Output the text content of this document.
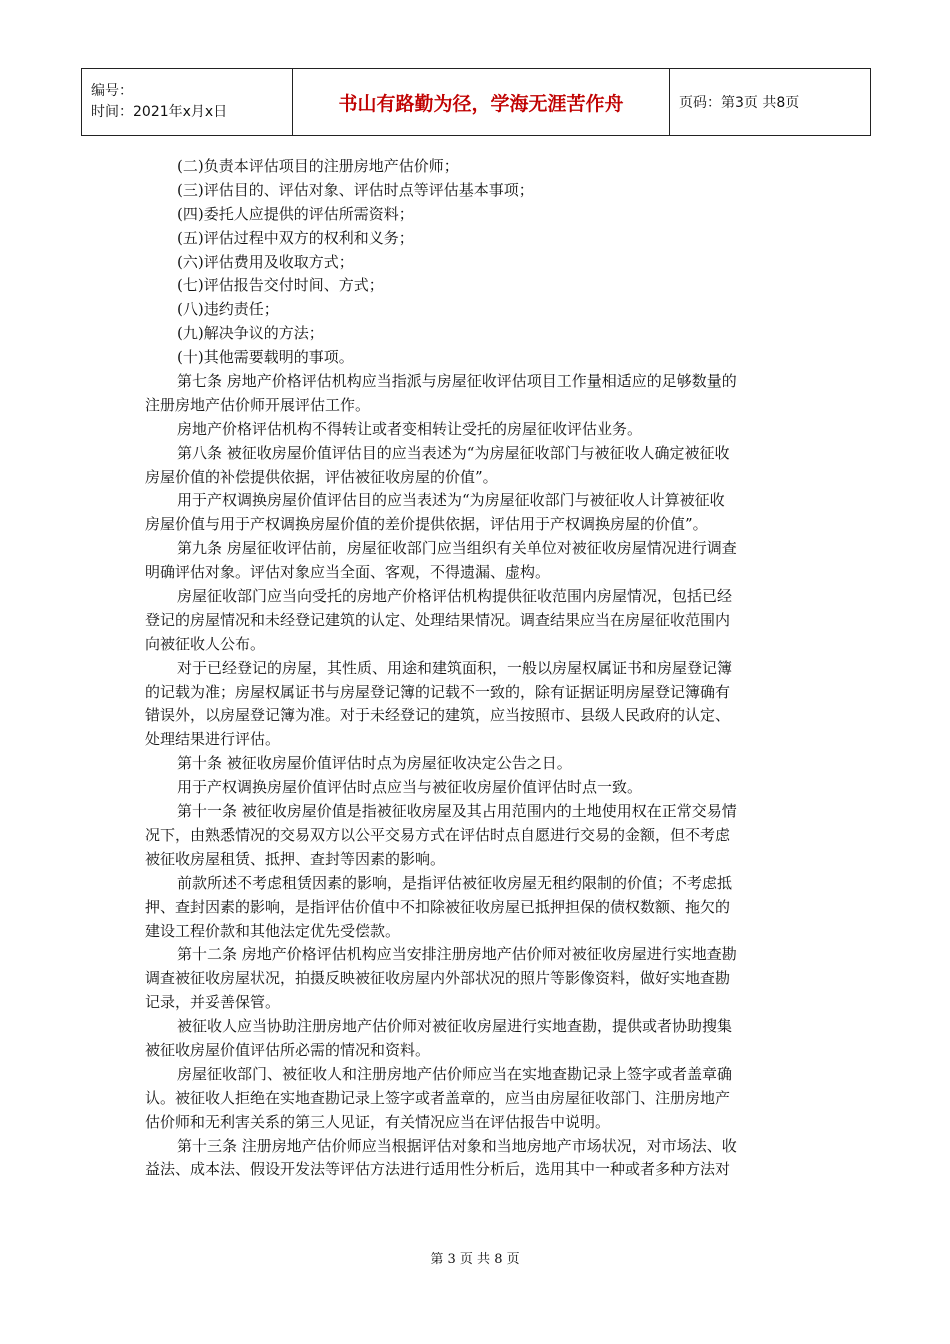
编号：
时间：2021年x月x日	书山有路勤为径，学海无涯苦作舟	页码：第3页 共8页
(二)负责本评估项目的注册房地产估价师；
(三)评估目的、评估对象、评估时点等评估基本事项；
(四)委托人应提供的评估所需资料；
(五)评估过程中双方的权利和义务；
(六)评估费用及收取方式；
(七)评估报告交付时间、方式；
(八)违约责任；
(九)解决争议的方法；
(十)其他需要载明的事项。
第七条 房地产价格评估机构应当指派与房屋征收评估项目工作量相适应的足够数量的
注册房地产估价师开展评估工作。
房地产价格评估机构不得转让或者变相转让受托的房屋征收评估业务。
第八条 被征收房屋价值评估目的应当表述为“为房屋征收部门与被征收人确定被征收
房屋价值的补偿提供依据，评估被征收房屋的价值”。
用于产权调换房屋价值评估目的应当表述为“为房屋征收部门与被征收人计算被征收
房屋价值与用于产权调换房屋价值的差价提供依据，评估用于产权调换房屋的价值”。
第九条 房屋征收评估前，房屋征收部门应当组织有关单位对被征收房屋情况进行调查
明确评估对象。评估对象应当全面、客观，不得遗漏、虚构。
房屋征收部门应当向受托的房地产价格评估机构提供征收范围内房屋情况，包括已经
登记的房屋情况和未经登记建筑的认定、处理结果情况。调查结果应当在房屋征收范围内
向被征收人公布。
对于已经登记的房屋，其性质、用途和建筑面积，一般以房屋权属证书和房屋登记簿
的记载为准；房屋权属证书与房屋登记簿的记载不一致的，除有证据证明房屋登记簿确有
错误外，以房屋登记簿为准。对于未经登记的建筑，应当按照市、县级人民政府的认定、
处理结果进行评估。
第十条 被征收房屋价值评估时点为房屋征收决定公告之日。
用于产权调换房屋价值评估时点应当与被征收房屋价值评估时点一致。
第十一条 被征收房屋价值是指被征收房屋及其占用范围内的土地使用权在正常交易情
况下，由熟悉情况的交易双方以公平交易方式在评估时点自愿进行交易的金额，但不考虑
被征收房屋租赁、抵押、查封等因素的影响。
前款所述不考虑租赁因素的影响，是指评估被征收房屋无租约限制的价值；不考虑抵
押、查封因素的影响，是指评估价值中不扣除被征收房屋已抵押担保的债权数额、拖欠的
建设工程价款和其他法定优先受偿款。
第十二条 房地产价格评估机构应当安排注册房地产估价师对被征收房屋进行实地查勘
调查被征收房屋状况，拍摄反映被征收房屋内外部状况的照片等影像资料，做好实地查勘
记录，并妥善保管。
被征收人应当协助注册房地产估价师对被征收房屋进行实地查勘，提供或者协助搜集
被征收房屋价值评估所必需的情况和资料。
房屋征收部门、被征收人和注册房地产估价师应当在实地查勘记录上签字或者盖章确
认。被征收人拒绝在实地查勘记录上签字或者盖章的，应当由房屋征收部门、注册房地产
估价师和无利害关系的第三人见证，有关情况应当在评估报告中说明。
第十三条 注册房地产估价师应当根据评估对象和当地房地产市场状况，对市场法、收
益法、成本法、假设开发法等评估方法进行适用性分析后，选用其中一种或者多种方法对
第 3 页 共 8 页
